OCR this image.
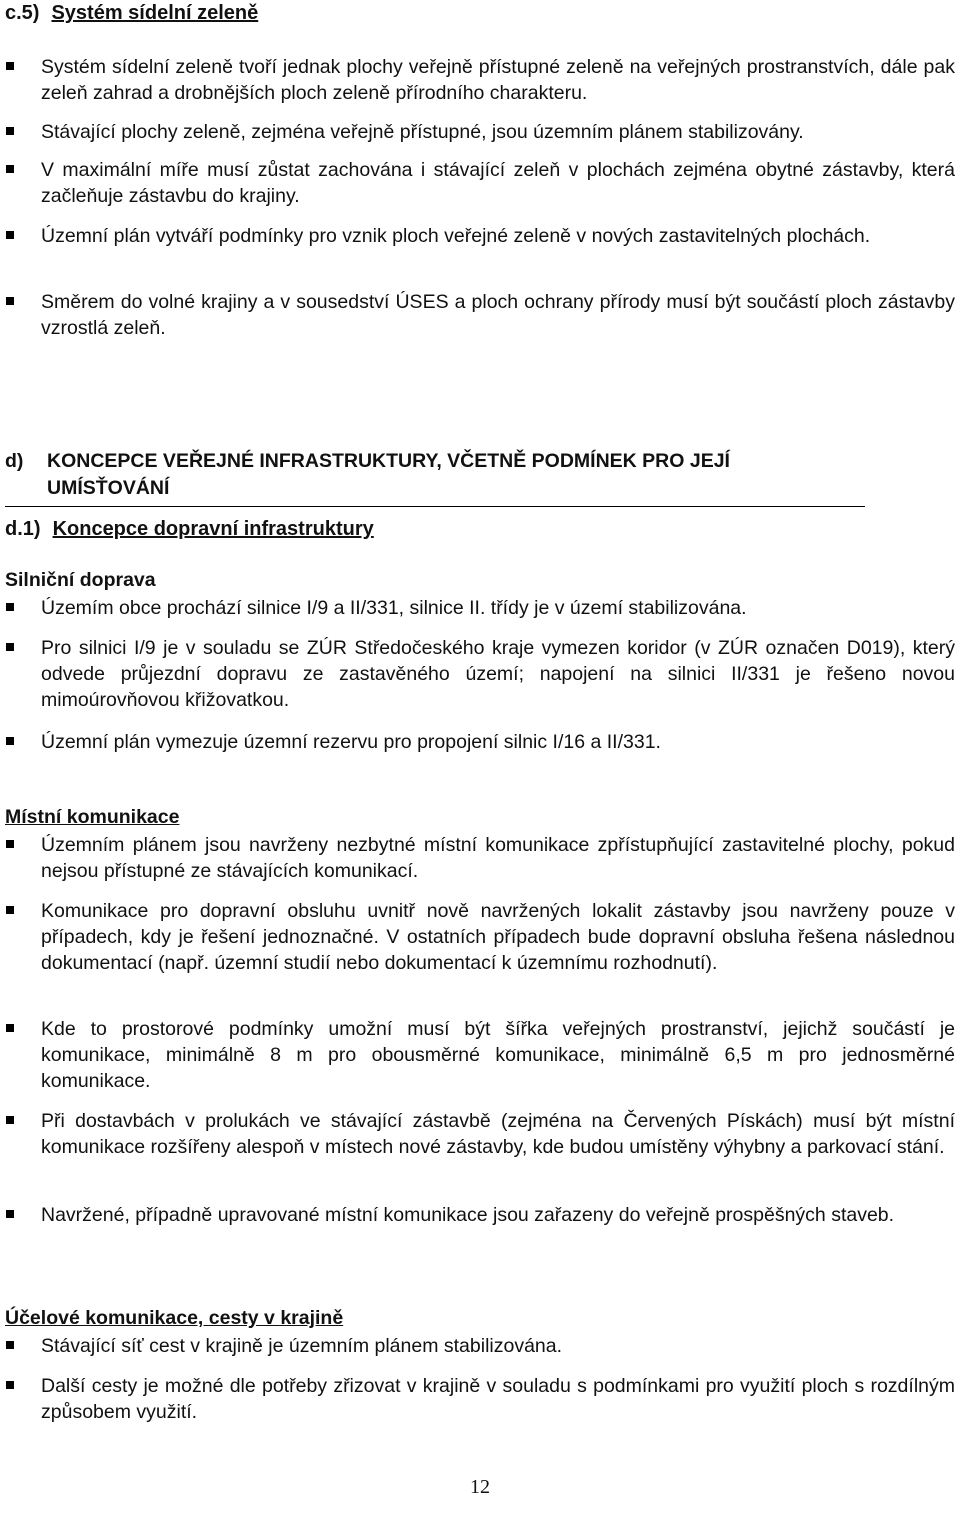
c.5) Systém sídelní zeleně
Systém sídelní zeleně tvoří jednak plochy veřejně přístupné zeleně na veřejných prostranstvích, dále pak zeleň zahrad a drobnějších ploch zeleně přírodního charakteru.
Stávající plochy zeleně, zejména veřejně přístupné, jsou územním plánem stabilizovány.
V maximální míře musí zůstat zachována i stávající zeleň v plochách zejména obytné zástavby, která začleňuje zástavbu do krajiny.
Územní plán vytváří podmínky pro vznik ploch veřejné zeleně v nových zastavitelných plochách.
Směrem do volné krajiny a v sousedství ÚSES a ploch ochrany přírody musí být součástí ploch zástavby vzrostlá zeleň.
d) KONCEPCE VEŘEJNÉ INFRASTRUKTURY, VČETNĚ PODMÍNEK PRO JEJÍ
UMÍSŤOVÁNÍ
d.1) Koncepce dopravní infrastruktury
Silniční doprava
Územím obce prochází silnice I/9 a II/331, silnice II. třídy je v území stabilizována.
Pro silnici I/9 je v souladu se ZÚR Středočeského kraje vymezen koridor (v ZÚR označen D019), který odvede průjezdní dopravu ze zastavěného území; napojení na silnici II/331 je řešeno novou mimoúrovňovou křižovatkou.
Územní plán vymezuje územní rezervu pro propojení silnic I/16 a II/331.
Místní komunikace
Územním plánem jsou navrženy nezbytné místní komunikace zpřístupňující zastavitelné plochy, pokud nejsou přístupné ze stávajících komunikací.
Komunikace pro dopravní obsluhu uvnitř nově navržených lokalit zástavby jsou navrženy pouze v případech, kdy je řešení jednoznačné. V ostatních případech bude dopravní obsluha řešena následnou dokumentací (např. územní studií nebo dokumentací k územnímu rozhodnutí).
Kde to prostorové podmínky umožní musí být šířka veřejných prostranství, jejichž součástí je komunikace, minimálně 8 m pro obousměrné komunikace, minimálně 6,5 m pro jednosměrné komunikace.
Při dostavbách v prolukách ve stávající zástavbě (zejména na Červených Pískách) musí být místní komunikace rozšířeny alespoň v místech nové zástavby, kde budou umístěny výhybny a parkovací stání.
Navržené, případně upravované místní komunikace jsou zařazeny do veřejně prospěšných staveb.
Účelové komunikace, cesty v krajině
Stávající síť cest v krajině je územním plánem stabilizována.
Další cesty je možné dle potřeby zřizovat v krajině v souladu s podmínkami pro využití ploch s rozdílným způsobem využití.
12
